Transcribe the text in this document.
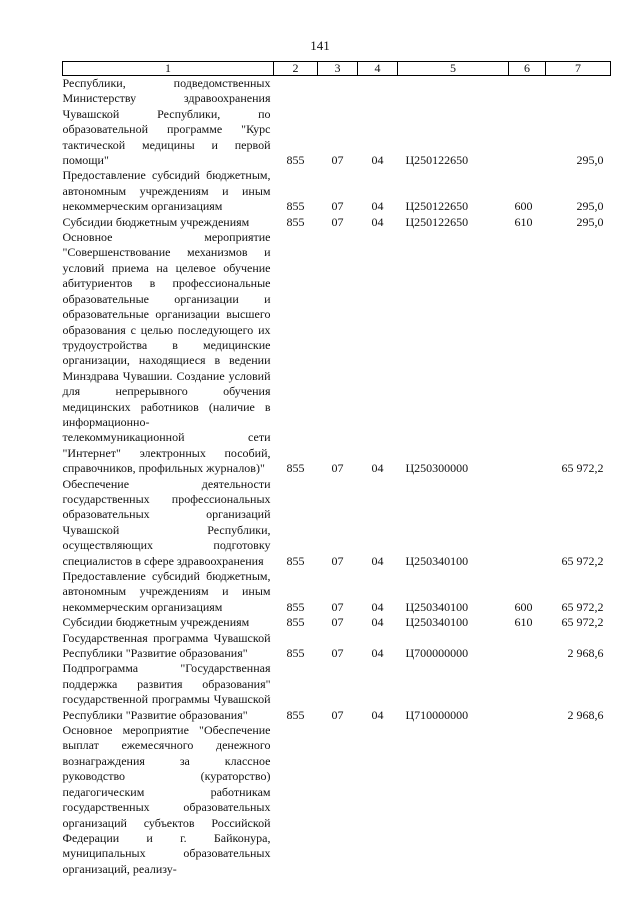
141
1	2	3	4	5	6	7
Республики, подведомственных Министерству здравоохранения Чувашской Республики, по образовательной программе "Курс тактической медицины и первой помощи"	855	07	04	Ц250122650		295,0
Предоставление субсидий бюджетным, автономным учреждениям и иным некоммерческим организациям	855	07	04	Ц250122650	600	295,0
Субсидии бюджетным учреждениям	855	07	04	Ц250122650	610	295,0
Основное мероприятие "Совершенствование механизмов и условий приема на целевое обучение абитуриентов в профессиональные образовательные организации и образовательные организации высшего образования с целью последующего их трудоустройства в медицинские организации, находящиеся в ведении Минздрава Чувашии. Создание условий для непрерывного обучения медицинских работников (наличие в информационно-телекоммуникационной сети "Интернет" электронных пособий, справочников, профильных журналов)"	855	07	04	Ц250300000		65 972,2
Обеспечение деятельности государственных профессиональных образовательных организаций Чувашской Республики, осуществляющих подготовку специалистов в сфере здравоохранения	855	07	04	Ц250340100		65 972,2
Предоставление субсидий бюджетным, автономным учреждениям и иным некоммерческим организациям	855	07	04	Ц250340100	600	65 972,2
Субсидии бюджетным учреждениям	855	07	04	Ц250340100	610	65 972,2
Государственная программа Чувашской Республики "Развитие образования"	855	07	04	Ц700000000		2 968,6
Подпрограмма "Государственная поддержка развития образования" государственной программы Чувашской Республики "Развитие образования"	855	07	04	Ц710000000		2 968,6
Основное мероприятие "Обеспечение выплат ежемесячного денежного вознаграждения за классное руководство (кураторство) педагогическим работникам государственных образовательных организаций субъектов Российской Федерации и г. Байконура, муниципальных образовательных организаций, реализу-						
